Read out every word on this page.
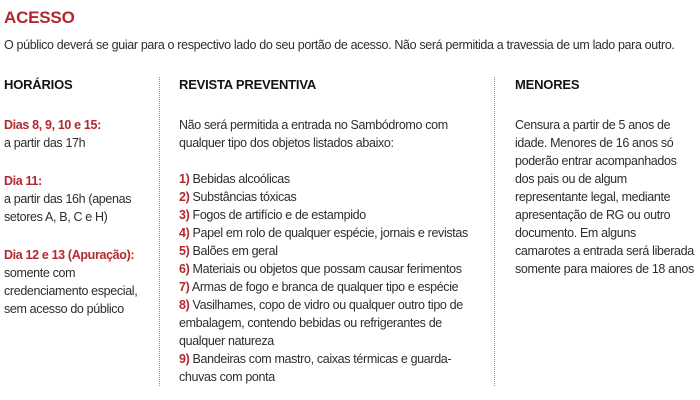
ACESSO

O público deverá se guiar para o respectivo lado do seu portão de acesso. Não será permitida a travessia de um lado para outro.

HORÁRIOS

Dias 8, 9, 10 e 15:

a partir das 17h

Dia 11:

a partir das 16h (apenas setores A, B, C e H)

Dia 12 e 13 (Apuração):

somente com credenciamento especial, sem acesso do público

REVISTA PREVENTIVA

Não será permitida a entrada no Sambódromo com qualquer tipo dos objetos listados abaixo:

1) Bebidas alcoólicas

2) Substâncias tóxicas

3) Fogos de artifício e de estampido

4) Papel em rolo de qualquer espécie, jornais e revistas

5) Balões em geral

6) Materiais ou objetos que possam causar ferimentos

7) Armas de fogo e branca de qualquer tipo e espécie

8) Vasilhames, copo de vidro ou qualquer outro tipo de embalagem, contendo bebidas ou refrigerantes de qualquer natureza

9) Bandeiras com mastro, caixas térmicas e guarda-chuvas com ponta

MENORES

Censura a partir de 5 anos de idade. Menores de 16 anos só poderão entrar acompanhados dos pais ou de algum representante legal, mediante apresentação de RG ou outro documento. Em alguns camarotes a entrada será liberada somente para maiores de 18 anos
